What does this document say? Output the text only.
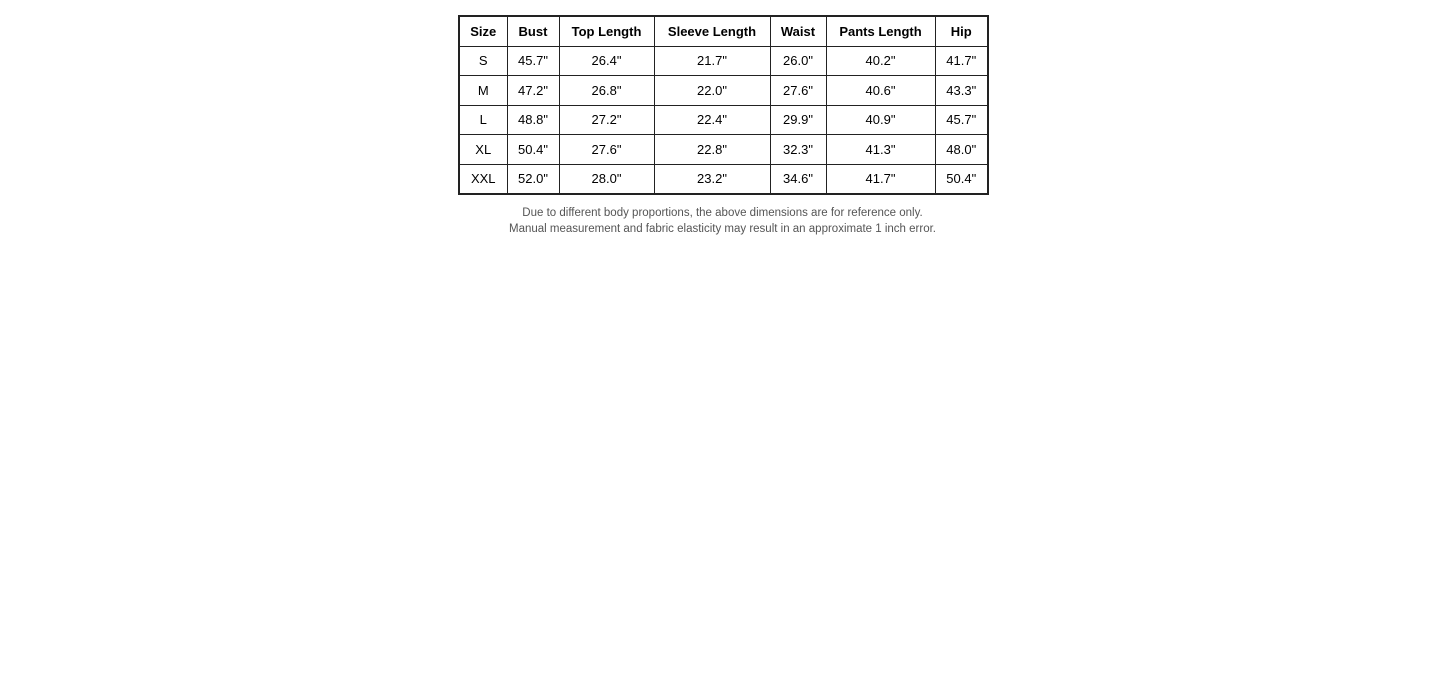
Size	Bust	Top Length	Sleeve Length	Waist	Pants Length	Hip
S	45.7"	26.4"	21.7"	26.0"	40.2"	41.7"
M	47.2"	26.8"	22.0"	27.6"	40.6"	43.3"
L	48.8"	27.2"	22.4"	29.9"	40.9"	45.7"
XL	50.4"	27.6"	22.8"	32.3"	41.3"	48.0"
XXL	52.0"	28.0"	23.2"	34.6"	41.7"	50.4"
Due to different body proportions, the above dimensions are for reference only.
Manual measurement and fabric elasticity may result in an approximate 1 inch error.
